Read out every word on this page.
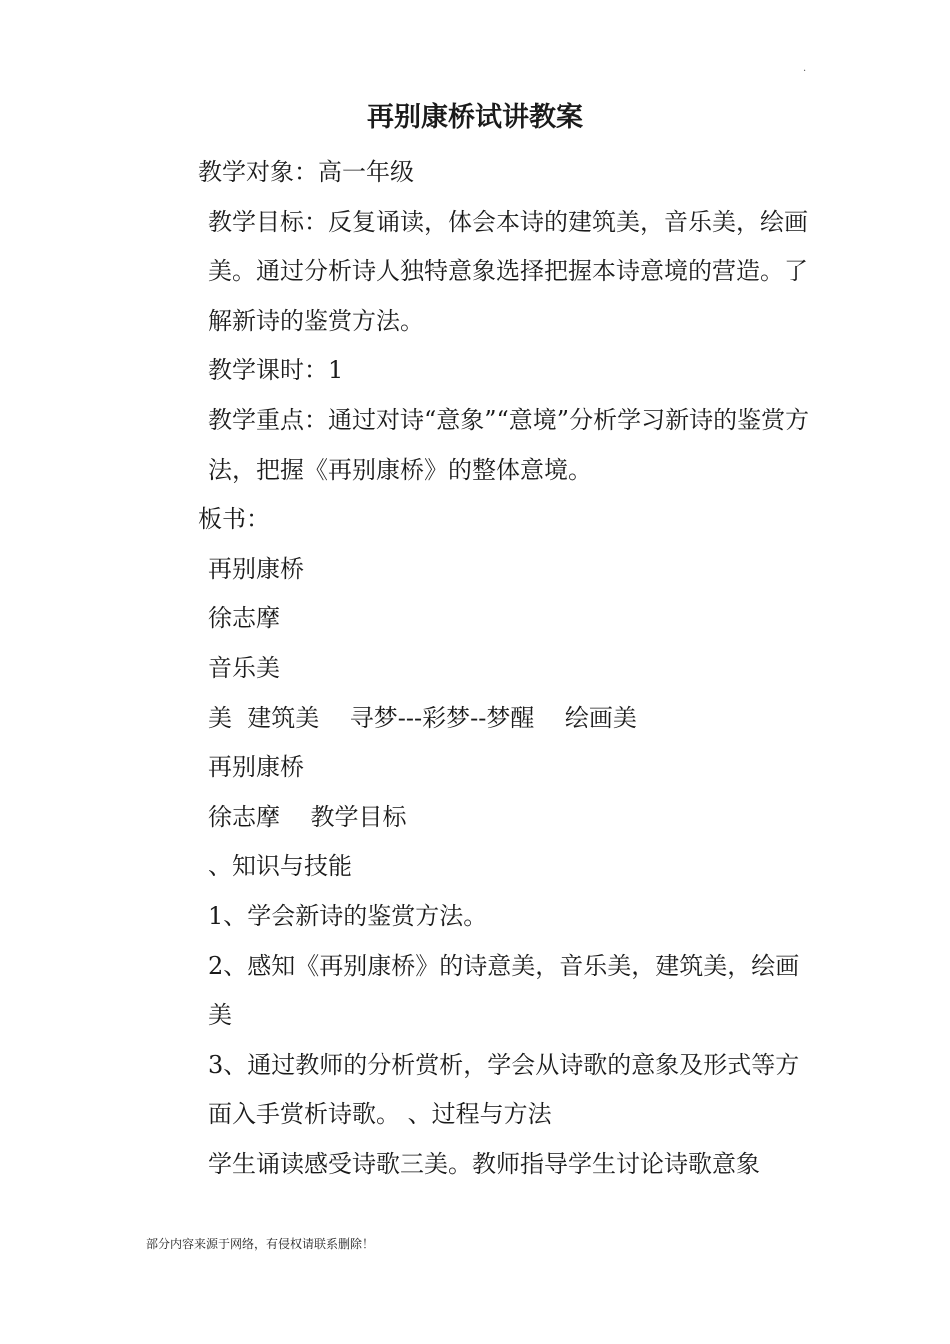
.
再别康桥试讲教案

教学对象：高一年级

教学目标：反复诵读，体会本诗的建筑美，音乐美，绘画美。通过分析诗人独特意象选择把握本诗意境的营造。了解新诗的鉴赏方法。

教学课时：1

教学重点：通过对诗“意象”“意境”分析学习新诗的鉴赏方法，把握《再别康桥》的整体意境。

板书：

再别康桥

徐志摩

音乐美

美  建筑美    寻梦---彩梦--梦醒    绘画美

再别康桥

徐志摩    教学目标

、知识与技能

1、学会新诗的鉴赏方法。

2、感知《再别康桥》的诗意美，音乐美，建筑美，绘画美

3、通过教师的分析赏析，学会从诗歌的意象及形式等方面入手赏析诗歌。 、过程与方法

学生诵读感受诗歌三美。教师指导学生讨论诗歌意象

部分内容来源于网络，有侵权请联系删除！
